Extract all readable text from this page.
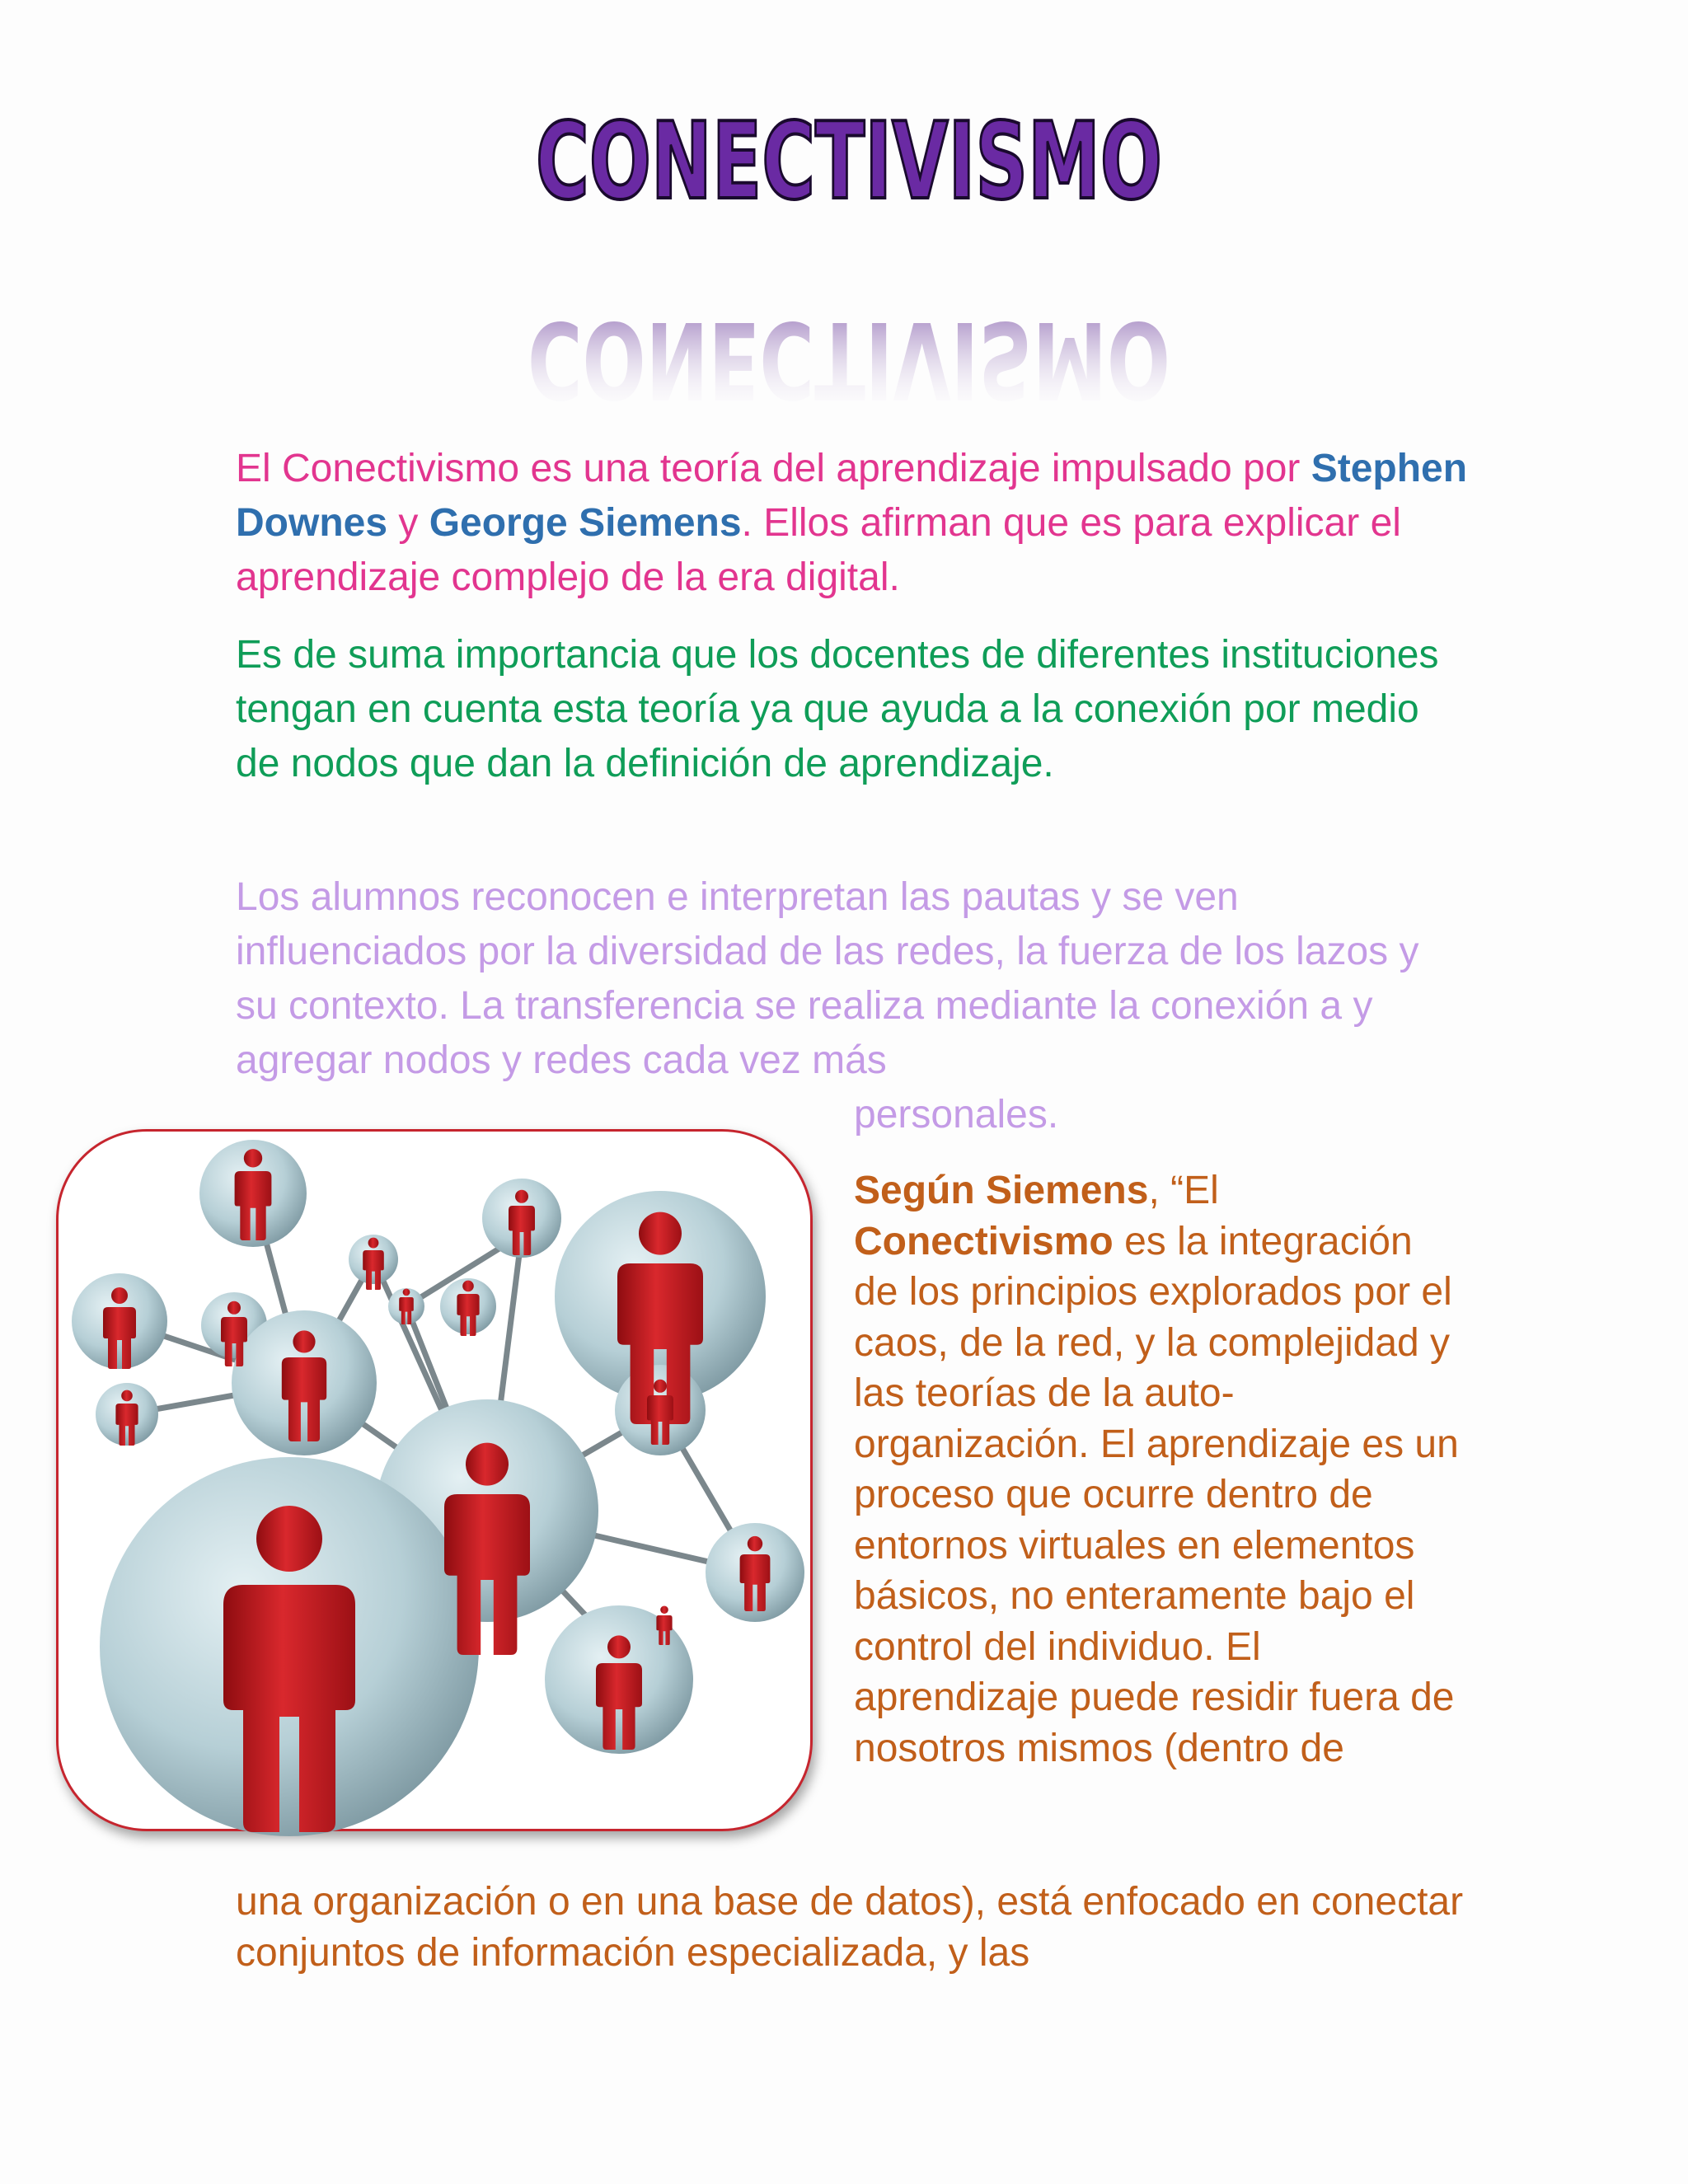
CONECTIVISMO
CONECTIVISMO

El Conectivismo es una teoría del aprendizaje impulsado por Stephen Downes y George Siemens. Ellos afirman que es para explicar el aprendizaje complejo de la era digital.

Es de suma importancia que los docentes de diferentes instituciones tengan en cuenta esta teoría ya que ayuda a la conexión por medio de nodos que dan la definición de aprendizaje.

Los alumnos reconocen e interpretan las pautas y se ven influenciados por la diversidad de las redes, la fuerza de los lazos y su contexto. La transferencia se realiza mediante la conexión a y agregar nodos y redes cada vez más

personales.

Según Siemens, “El Conectivismo es la integración de los principios explorados por el caos, de la red, y la complejidad y las teorías de la auto-organización. El aprendizaje es un proceso que ocurre dentro de entornos virtuales en elementos básicos, no enteramente bajo el control del individuo. El aprendizaje puede residir fuera de nosotros mismos (dentro de

una organización o en una base de datos), está enfocado en conectar conjuntos de información especializada, y las
